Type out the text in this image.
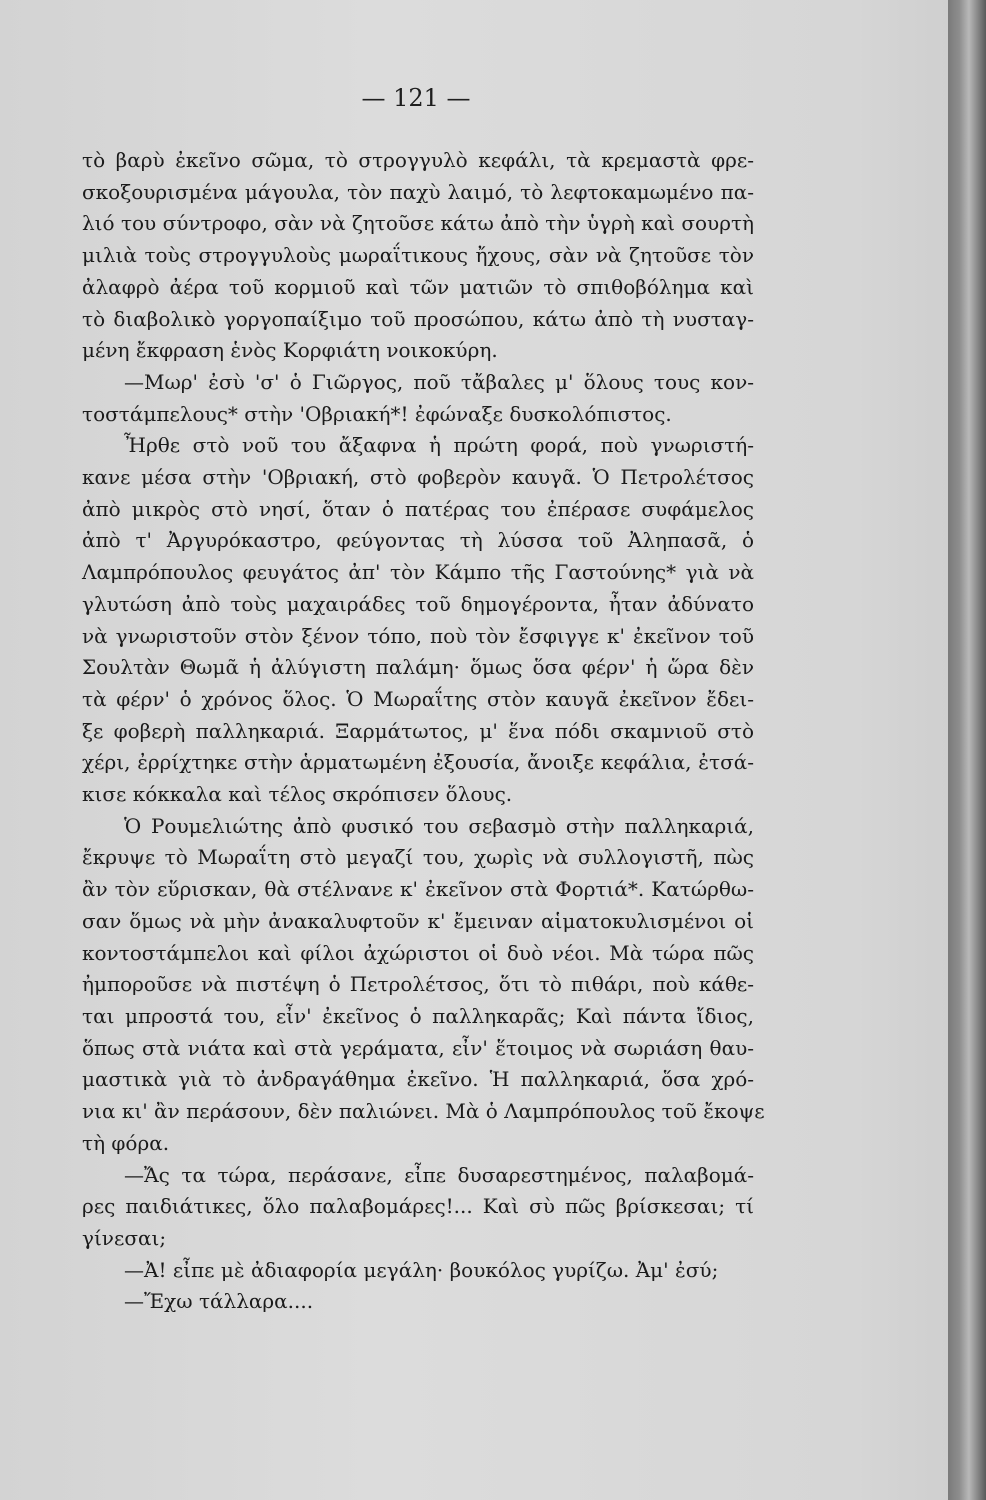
— 121 —
τὸ βαρὺ ἐκεῖνο σῶμα, τὸ στρογγυλὸ κεφάλι, τὰ κρεμαστὰ φρε-
σκοξουρισμένα μάγουλα, τὸν παχὺ λαιμό, τὸ λεφτοκαμωμένο πα-
λιό του σύντροφο, σὰν νὰ ζητοῦσε κάτω ἀπὸ τὴν ὑγρὴ καὶ σουρτὴ
μιλιὰ τοὺς στρογγυλοὺς μωραΐτικους ἤχους, σὰν νὰ ζητοῦσε τὸν
ἀλαφρὸ ἀέρα τοῦ κορμιοῦ καὶ τῶν ματιῶν τὸ σπιθοβόλημα καὶ
τὸ διαβολικὸ γοργοπαίξιμο τοῦ προσώπου, κάτω ἀπὸ τὴ νυσταγ-
μένη ἔκφραση ἑνὸς Κορφιάτη νοικοκύρη.
—Μωρ' ἐσὺ 'σ' ὁ Γιῶργος, ποῦ τἄβαλες μ' ὅλους τους κον-
τοστάμπελους* στὴν 'Οβριακή*! ἐφώναξε δυσκολόπιστος.
Ἦρθε στὸ νοῦ του ἄξαφνα ἡ πρώτη φορά, ποὺ γνωριστή-
κανε μέσα στὴν 'Οβριακή, στὸ φοβερὸν καυγᾶ. Ὁ Πετρολέτσος
ἀπὸ μικρὸς στὸ νησί, ὅταν ὁ πατέρας του ἐπέρασε συφάμελος
ἀπὸ τ' Ἀργυρόκαστρο, φεύγοντας τὴ λύσσα τοῦ Ἀληπασᾶ, ὁ
Λαμπρόπουλος φευγάτος ἀπ' τὸν Κάμπο τῆς Γαστούνης* γιὰ νὰ
γλυτώση ἀπὸ τοὺς μαχαιράδες τοῦ δημογέροντα, ἦταν ἀδύνατο
νὰ γνωριστοῦν στὸν ξένον τόπο, ποὺ τὸν ἔσφιγγε κ' ἐκεῖνον τοῦ
Σουλτὰν Θωμᾶ ἡ ἀλύγιστη παλάμη· ὅμως ὅσα φέρν' ἡ ὥρα δὲν
τὰ φέρν' ὁ χρόνος ὅλος. Ὁ Μωραΐτης στὸν καυγᾶ ἐκεῖνον ἔδει-
ξε φοβερὴ παλληκαριά. Ξαρμάτωτος, μ' ἕνα πόδι σκαμνιοῦ στὸ
χέρι, ἐρρίχτηκε στὴν ἁρματωμένη ἐξουσία, ἄνοιξε κεφάλια, ἐτσά-
κισε κόκκαλα καὶ τέλος σκρόπισεν ὅλους.
Ὁ Ρουμελιώτης ἀπὸ φυσικό του σεβασμὸ στὴν παλληκαριά,
ἔκρυψε τὸ Μωραΐτη στὸ μεγαζί του, χωρὶς νὰ συλλογιστῆ, πὼς
ἂν τὸν εὕρισκαν, θὰ στέλνανε κ' ἐκεῖνον στὰ Φορτιά*. Κατώρθω-
σαν ὅμως νὰ μὴν ἀνακαλυφτοῦν κ' ἔμειναν αἱματοκυλισμένοι οἱ
κοντοστάμπελοι καὶ φίλοι ἀχώριστοι οἱ δυὸ νέοι. Μὰ τώρα πῶς
ἠμποροῦσε νὰ πιστέψη ὁ Πετρολέτσος, ὅτι τὸ πιθάρι, ποὺ κάθε-
ται μπροστά του, εἶν' ἐκεῖνος ὁ παλληκαρᾶς; Καὶ πάντα ἴδιος,
ὅπως στὰ νιάτα καὶ στὰ γεράματα, εἶν' ἕτοιμος νὰ σωριάση θαυ-
μαστικὰ γιὰ τὸ ἀνδραγάθημα ἐκεῖνο. Ἡ παλληκαριά, ὅσα χρό-
νια κι' ἂν περάσουν, δὲν παλιώνει. Μὰ ὁ Λαμπρόπουλος τοῦ ἔκοψε
τὴ φόρα.
—Ἄς τα τώρα, περάσανε, εἶπε δυσαρεστημένος, παλαβομά-
ρες παιδιάτικες, ὅλο παλαβομάρες!... Καὶ σὺ πῶς βρίσκεσαι; τί
γίνεσαι;
—Ἀ! εἶπε μὲ ἀδιαφορία μεγάλη· βουκόλος γυρίζω. Ἀμ' ἐσύ;
—Ἔχω τάλλαρα....
